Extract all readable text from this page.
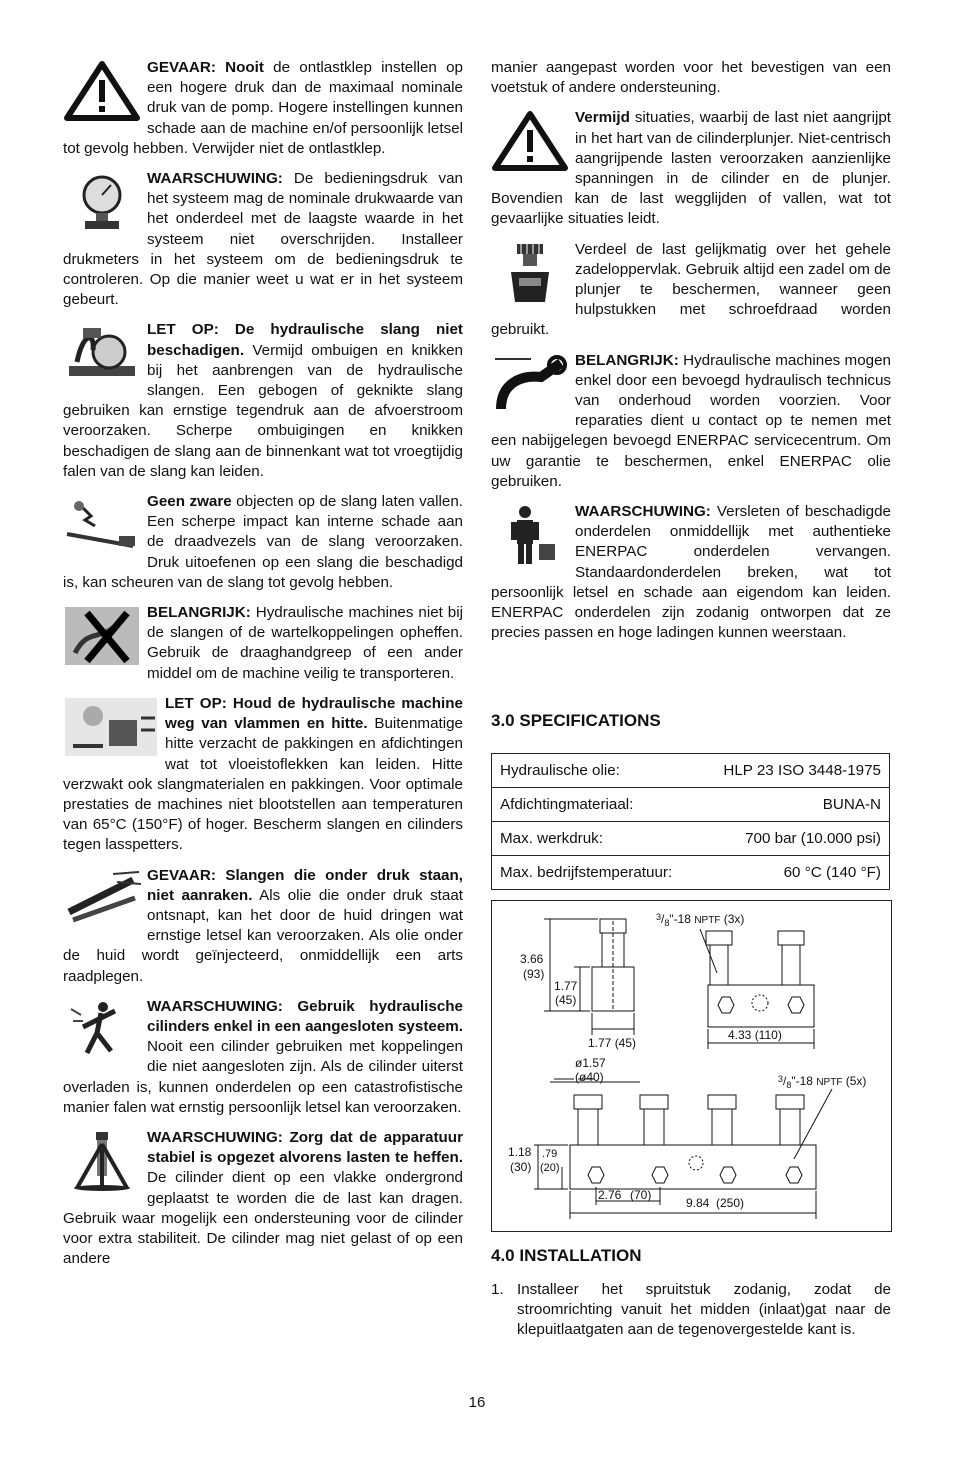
GEVAAR: Nooit de ontlastklep instellen op een hogere druk dan de maximaal nominale druk van de pomp. Hogere instellingen kunnen schade aan de machine en/of persoonlijk letsel tot gevolg hebben. Verwijder niet de ontlastklep.

WAARSCHUWING: De bedieningsdruk van het systeem mag de nominale drukwaarde van het onderdeel met de laagste waarde in het systeem niet overschrijden. Installeer drukmeters in het systeem om de bedieningsdruk te controleren. Op die manier weet u wat er in het systeem gebeurt.

LET OP: De hydraulische slang niet beschadigen. Vermijd ombuigen en knikken bij het aanbrengen van de hydraulische slangen. Een gebogen of geknikte slang gebruiken kan ernstige tegendruk aan de afvoerstroom veroorzaken. Scherpe ombuigingen en knikken beschadigen de slang aan de binnenkant wat tot vroegtijdig falen van de slang kan leiden.

Geen zware objecten op de slang laten vallen. Een scherpe impact kan interne schade aan de draadvezels van de slang veroorzaken. Druk uitoefenen op een slang die beschadigd is, kan scheuren van de slang tot gevolg hebben.

BELANGRIJK: Hydraulische machines niet bij de slangen of de wartelkoppelingen opheffen. Gebruik de draaghandgreep of een ander middel om de machine veilig te transporteren.

LET OP: Houd de hydraulische machine weg van vlammen en hitte. Buitenmatige hitte verzacht de pakkingen en afdichtingen wat tot vloeistoflekken kan leiden. Hitte verzwakt ook slangmaterialen en pakkingen. Voor optimale prestaties de machines niet blootstellen aan temperaturen van 65°C (150°F) of hoger. Bescherm slangen en cilinders tegen lasspetters.

GEVAAR: Slangen die onder druk staan, niet aanraken. Als olie die onder druk staat ontsnapt, kan het door de huid dringen wat ernstige letsel kan veroorzaken. Als olie onder de huid wordt geïnjecteerd, onmiddellijk een arts raadplegen.

WAARSCHUWING: Gebruik hydraulische cilinders enkel in een aangesloten systeem. Nooit een cilinder gebruiken met koppelingen die niet aangesloten zijn. Als de cilinder uiterst overladen is, kunnen onderdelen op een catastrofistische manier falen wat ernstig persoonlijk letsel kan veroorzaken.

WAARSCHUWING: Zorg dat de apparatuur stabiel is opgezet alvorens lasten te heffen. De cilinder dient op een vlakke ondergrond geplaatst te worden die de last kan dragen. Gebruik waar mogelijk een ondersteuning voor de cilinder voor extra stabiliteit. De cilinder mag niet gelast of op een andere

manier aangepast worden voor het bevestigen van een voetstuk of andere ondersteuning.

Vermijd situaties, waarbij de last niet aangrijpt in het hart van de cilinderplunjer. Niet-centrisch aangrijpende lasten veroorzaken aanzienlijke spanningen in de cilinder en de plunjer. Bovendien kan de last wegglijden of vallen, wat tot gevaarlijke situaties leidt.

Verdeel de last gelijkmatig over het gehele zadeloppervlak. Gebruik altijd een zadel om de plunjer te beschermen, wanneer geen hulpstukken met schroefdraad worden gebruikt.

BELANGRIJK: Hydraulische machines mogen enkel door een bevoegd hydraulisch technicus van onderhoud worden voorzien. Voor reparaties dient u contact op te nemen met een nabijgelegen bevoegd ENERPAC servicecentrum. Om uw garantie te beschermen, enkel ENERPAC olie gebruiken.

WAARSCHUWING: Versleten of beschadigde onderdelen onmiddellijk met authentieke ENERPAC onderdelen vervangen. Standaardonderdelen breken, wat tot persoonlijk letsel en schade aan eigendom kan leiden. ENERPAC onderdelen zijn zodanig ontworpen dat ze precies passen en hoge ladingen kunnen weerstaan.

3.0 SPECIFICATIONS
Hydraulische olie:	HLP 23 ISO 3448-1975
Afdichtingmateriaal:	BUNA-N
Max. werkdruk:	700 bar (10.000 psi)
Max. bedrijfstemperatuur:	60 °C (140 °F)
3.66
(93)
1.77
(45)
1.77 (45)
$^3/_8"-18$ NPTF (3x)
4.33 (110)
ø1.57
(ø40)	$^3/_8"-18$ NPTF (5x)
1.18
(30)
.79
(20)
2.76 (70)
9.84 (250)
4.0 INSTALLATION
1. Installeer het spruitstuk zodanig, zodat de stroomrichting vanuit het midden (inlaat)gat naar de klepuitlaatgaten aan de tegenovergestelde kant is.

16
